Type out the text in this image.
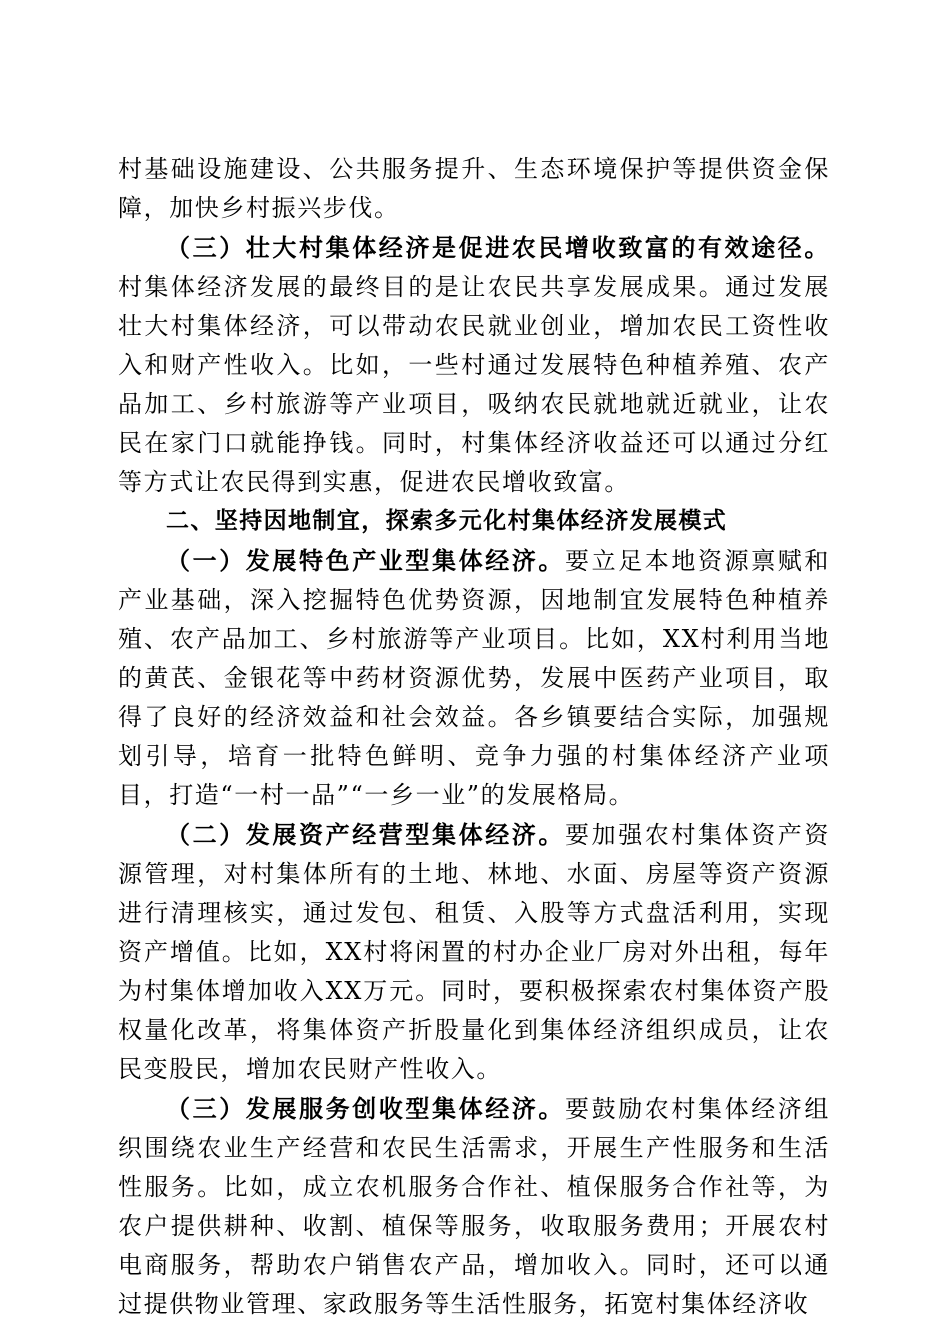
村基础设施建设、公共服务提升、生态环境保护等提供资金保障，加快乡村振兴步伐。

（三）壮大村集体经济是促进农民增收致富的有效途径。村集体经济发展的最终目的是让农民共享发展成果。通过发展壮大村集体经济，可以带动农民就业创业，增加农民工资性收入和财产性收入。比如，一些村通过发展特色种植养殖、农产品加工、乡村旅游等产业项目，吸纳农民就地就近就业，让农民在家门口就能挣钱。同时，村集体经济收益还可以通过分红等方式让农民得到实惠，促进农民增收致富。

二、坚持因地制宜，探索多元化村集体经济发展模式

（一）发展特色产业型集体经济。要立足本地资源禀赋和产业基础，深入挖掘特色优势资源，因地制宜发展特色种植养殖、农产品加工、乡村旅游等产业项目。比如，XX村利用当地的黄芪、金银花等中药材资源优势，发展中医药产业项目，取得了良好的经济效益和社会效益。各乡镇要结合实际，加强规划引导，培育一批特色鲜明、竞争力强的村集体经济产业项目，打造“一村一品”“一乡一业”的发展格局。

（二）发展资产经营型集体经济。要加强农村集体资产资源管理，对村集体所有的土地、林地、水面、房屋等资产资源进行清理核实，通过发包、租赁、入股等方式盘活利用，实现资产增值。比如，XX村将闲置的村办企业厂房对外出租，每年为村集体增加收入XX万元。同时，要积极探索农村集体资产股权量化改革，将集体资产折股量化到集体经济组织成员，让农民变股民，增加农民财产性收入。

（三）发展服务创收型集体经济。要鼓励农村集体经济组织围绕农业生产经营和农民生活需求，开展生产性服务和生活性服务。比如，成立农机服务合作社、植保服务合作社等，为农户提供耕种、收割、植保等服务，收取服务费用；开展农村电商服务，帮助农户销售农产品，增加收入。同时，还可以通过提供物业管理、家政服务等生活性服务，拓宽村集体经济收
